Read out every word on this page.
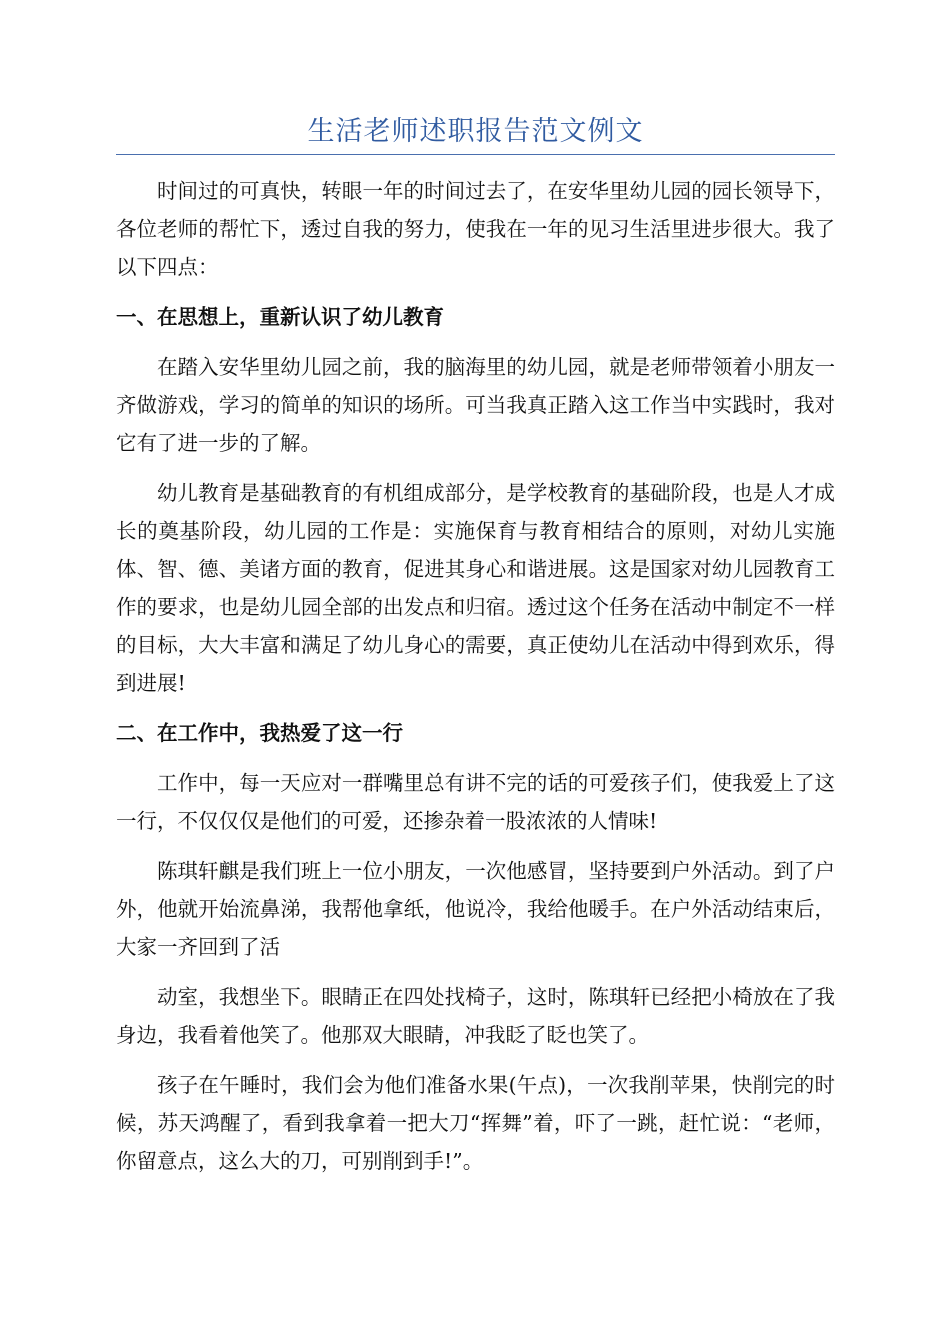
生活老师述职报告范文例文

时间过的可真快，转眼一年的时间过去了，在安华里幼儿园的园长领导下，各位老师的帮忙下，透过自我的努力，使我在一年的见习生活里进步很大。我了以下四点：

一、在思想上，重新认识了幼儿教育

在踏入安华里幼儿园之前，我的脑海里的幼儿园，就是老师带领着小朋友一齐做游戏，学习的简单的知识的场所。可当我真正踏入这工作当中实践时，我对它有了进一步的了解。

幼儿教育是基础教育的有机组成部分，是学校教育的基础阶段，也是人才成长的奠基阶段，幼儿园的工作是：实施保育与教育相结合的原则，对幼儿实施体、智、德、美诸方面的教育，促进其身心和谐进展。这是国家对幼儿园教育工作的要求，也是幼儿园全部的出发点和归宿。透过这个任务在活动中制定不一样的目标，大大丰富和满足了幼儿身心的需要，真正使幼儿在活动中得到欢乐，得到进展!

二、在工作中，我热爱了这一行

工作中，每一天应对一群嘴里总有讲不完的话的可爱孩子们，使我爱上了这一行，不仅仅仅是他们的可爱，还掺杂着一股浓浓的人情味!

陈琪轩麒是我们班上一位小朋友，一次他感冒，坚持要到户外活动。到了户外，他就开始流鼻涕，我帮他拿纸，他说冷，我给他暖手。在户外活动结束后，大家一齐回到了活

动室，我想坐下。眼睛正在四处找椅子，这时，陈琪轩已经把小椅放在了我身边，我看着他笑了。他那双大眼睛，冲我眨了眨也笑了。

孩子在午睡时，我们会为他们准备水果(午点)，一次我削苹果，快削完的时候，苏天鸿醒了，看到我拿着一把大刀“挥舞”着，吓了一跳，赶忙说：“老师，你留意点，这么大的刀，可别削到手!”。
